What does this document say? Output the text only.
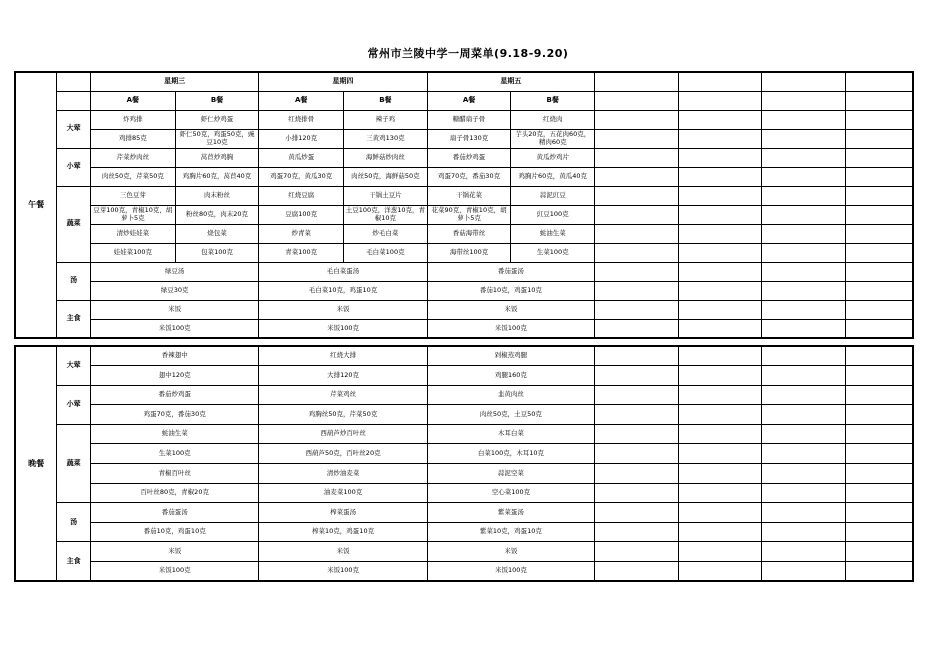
常州市兰陵中学一周菜单(9.18-9.20)
午餐		星期三		星期四		星期五					
		A餐	B餐	A餐	B餐	A餐	B餐				
	大荤	炸鸡排	虾仁炒鸡蛋	红烧排骨	辣子鸡	糖醋扇子骨	红烧肉				
		鸡排85克	虾仁50克，鸡蛋50克，豌豆10克	小排120克	三黄鸡130克	扇子骨130克	芋头20克，五花肉60克，精肉60克				
	小荤	芹菜炒肉丝	莴苣炒鸡胸	黄瓜炒蛋	海鲜菇炒肉丝	番茄炒鸡蛋	黄瓜炒鸡片				
		肉丝50克，芹菜50克	鸡胸片60克，莴苣40克	鸡蛋70克，黄瓜30克	肉丝50克，海鲜菇50克	鸡蛋70克，番茄30克	鸡胸片60克，黄瓜40克				
	蔬菜	三色豆芽	肉末粉丝	红烧豆腐	干锅土豆片	干锅花菜	蒜泥豇豆				
		豆芽100克，青椒10克，胡萝卜5克	粉丝80克，肉末20克	豆腐100克	土豆100克，洋葱10克，青椒10克	花菜90克，青椒10克，胡萝卜5克	豇豆100克				
		清炒娃娃菜	烧包菜	炒青菜	炒毛白菜	香菇海带丝	蚝油生菜				
		娃娃菜100克	包菜100克	青菜100克	毛白菜100克	海带丝100克	生菜100克				
	汤	绿豆汤		毛白菜蛋汤		番茄蛋汤					
		绿豆30克		毛白菜10克，鸡蛋10克		番茄10克，鸡蛋10克					
	主食	米饭		米饭		米饭					
		米饭100克		米饭100克		米饭100克					
晚餐	大荤	香辣翅中	红烧大排	剁椒蒸鸡腿				
		翅中120克	大排120克	鸡腿160克				
	小荤	番茄炒鸡蛋	芹菜鸡丝	韭黄肉丝				
		鸡蛋70克，番茄30克	鸡胸丝50克，芹菜50克	肉丝50克，土豆50克				
	蔬菜	蚝油生菜	西葫芦炒百叶丝	木耳白菜				
		生菜100克	西葫芦50克，百叶丝20克	白菜100克，木耳10克				
		青椒百叶丝	清炒油麦菜	蒜泥空菜				
		百叶丝80克，青椒20克	油麦菜100克	空心菜100克				
	汤	番茄蛋汤	榨菜蛋汤	紫菜蛋汤				
		番茄10克，鸡蛋10克	榨菜10克，鸡蛋10克	紫菜10克，鸡蛋10克				
	主食	米饭	米饭	米饭				
		米饭100克	米饭100克	米饭100克				
